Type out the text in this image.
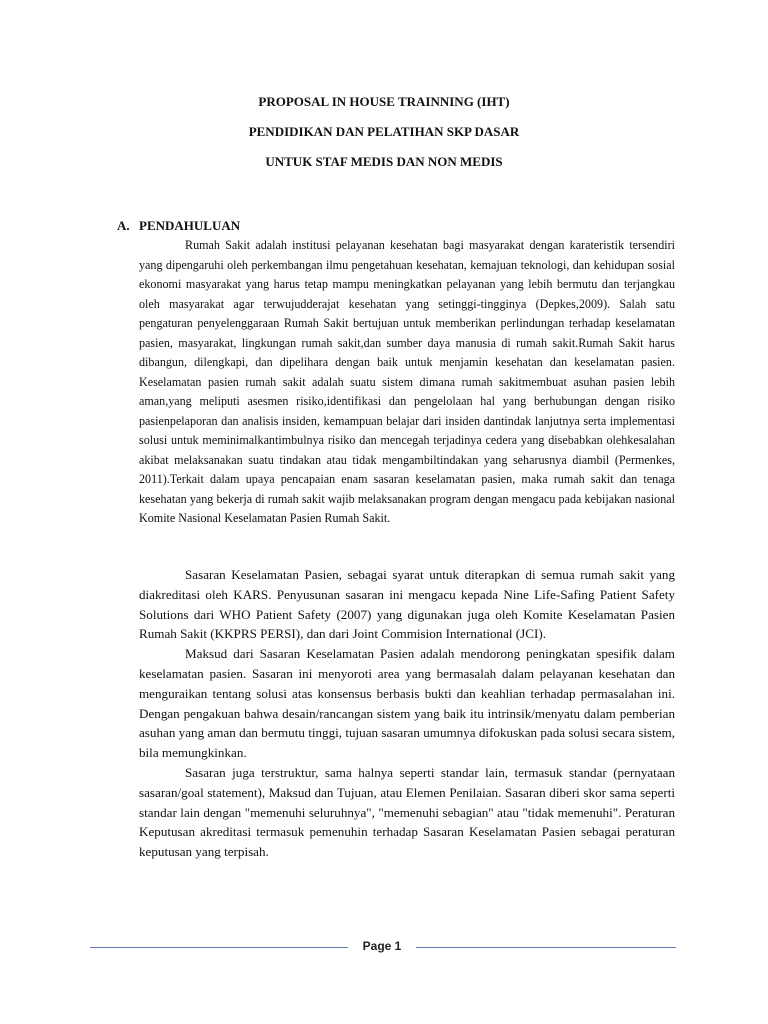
PROPOSAL IN HOUSE TRAINNING (IHT)
PENDIDIKAN DAN PELATIHAN SKP DASAR
UNTUK STAF MEDIS DAN NON MEDIS
A. PENDAHULUAN

Rumah Sakit adalah institusi pelayanan kesehatan bagi masyarakat dengan karateristik tersendiri yang dipengaruhi oleh perkembangan ilmu pengetahuan kesehatan, kemajuan teknologi, dan kehidupan sosial ekonomi masyarakat yang harus tetap mampu meningkatkan pelayanan yang lebih bermutu dan terjangkau oleh masyarakat agar terwujudderajat kesehatan yang setinggi-tingginya (Depkes,2009). Salah satu pengaturan penyelenggaraan Rumah Sakit bertujuan untuk memberikan perlindungan terhadap keselamatan pasien, masyarakat, lingkungan rumah sakit,dan sumber daya manusia di rumah sakit.Rumah Sakit harus dibangun, dilengkapi, dan dipelihara dengan baik untuk menjamin kesehatan dan keselamatan pasien. Keselamatan pasien rumah sakit adalah suatu sistem dimana rumah sakitmembuat asuhan pasien lebih aman,yang meliputi asesmen risiko,identifikasi dan pengelolaan hal yang berhubungan dengan risiko pasienpelaporan dan analisis insiden, kemampuan belajar dari insiden dantindak lanjutnya serta implementasi solusi untuk meminimalkantimbulnya risiko dan mencegah terjadinya cedera yang disebabkan olehkesalahan akibat melaksanakan suatu tindakan atau tidak mengambiltindakan yang seharusnya diambil (Permenkes, 2011).Terkait dalam upaya pencapaian enam sasaran keselamatan pasien, maka rumah sakit dan tenaga kesehatan yang bekerja di rumah sakit wajib melaksanakan program dengan mengacu pada kebijakan nasional Komite Nasional Keselamatan Pasien Rumah Sakit.

Sasaran Keselamatan Pasien, sebagai syarat untuk diterapkan di semua rumah sakit yang diakreditasi oleh KARS. Penyusunan sasaran ini mengacu kepada Nine Life-Safing Patient Safety Solutions dari WHO Patient Safety (2007) yang digunakan juga oleh Komite Keselamatan Pasien Rumah Sakit (KKPRS PERSI), dan dari Joint Commision International (JCI).

Maksud dari Sasaran Keselamatan Pasien adalah mendorong peningkatan spesifik dalam keselamatan pasien. Sasaran ini menyoroti area yang bermasalah dalam pelayanan kesehatan dan menguraikan tentang solusi atas konsensus berbasis bukti dan keahlian terhadap permasalahan ini. Dengan pengakuan bahwa desain/rancangan sistem yang baik itu intrinsik/menyatu dalam pemberian asuhan yang aman dan bermutu tinggi, tujuan sasaran umumnya difokuskan pada solusi secara sistem, bila memungkinkan.

Sasaran juga terstruktur, sama halnya seperti standar lain, termasuk standar (pernyataan sasaran/goal statement), Maksud dan Tujuan, atau Elemen Penilaian. Sasaran diberi skor sama seperti standar lain dengan "memenuhi seluruhnya", "memenuhi sebagian" atau "tidak memenuhi". Peraturan Keputusan akreditasi termasuk pemenuhin terhadap Sasaran Keselamatan Pasien sebagai peraturan keputusan yang terpisah.

Page 1
